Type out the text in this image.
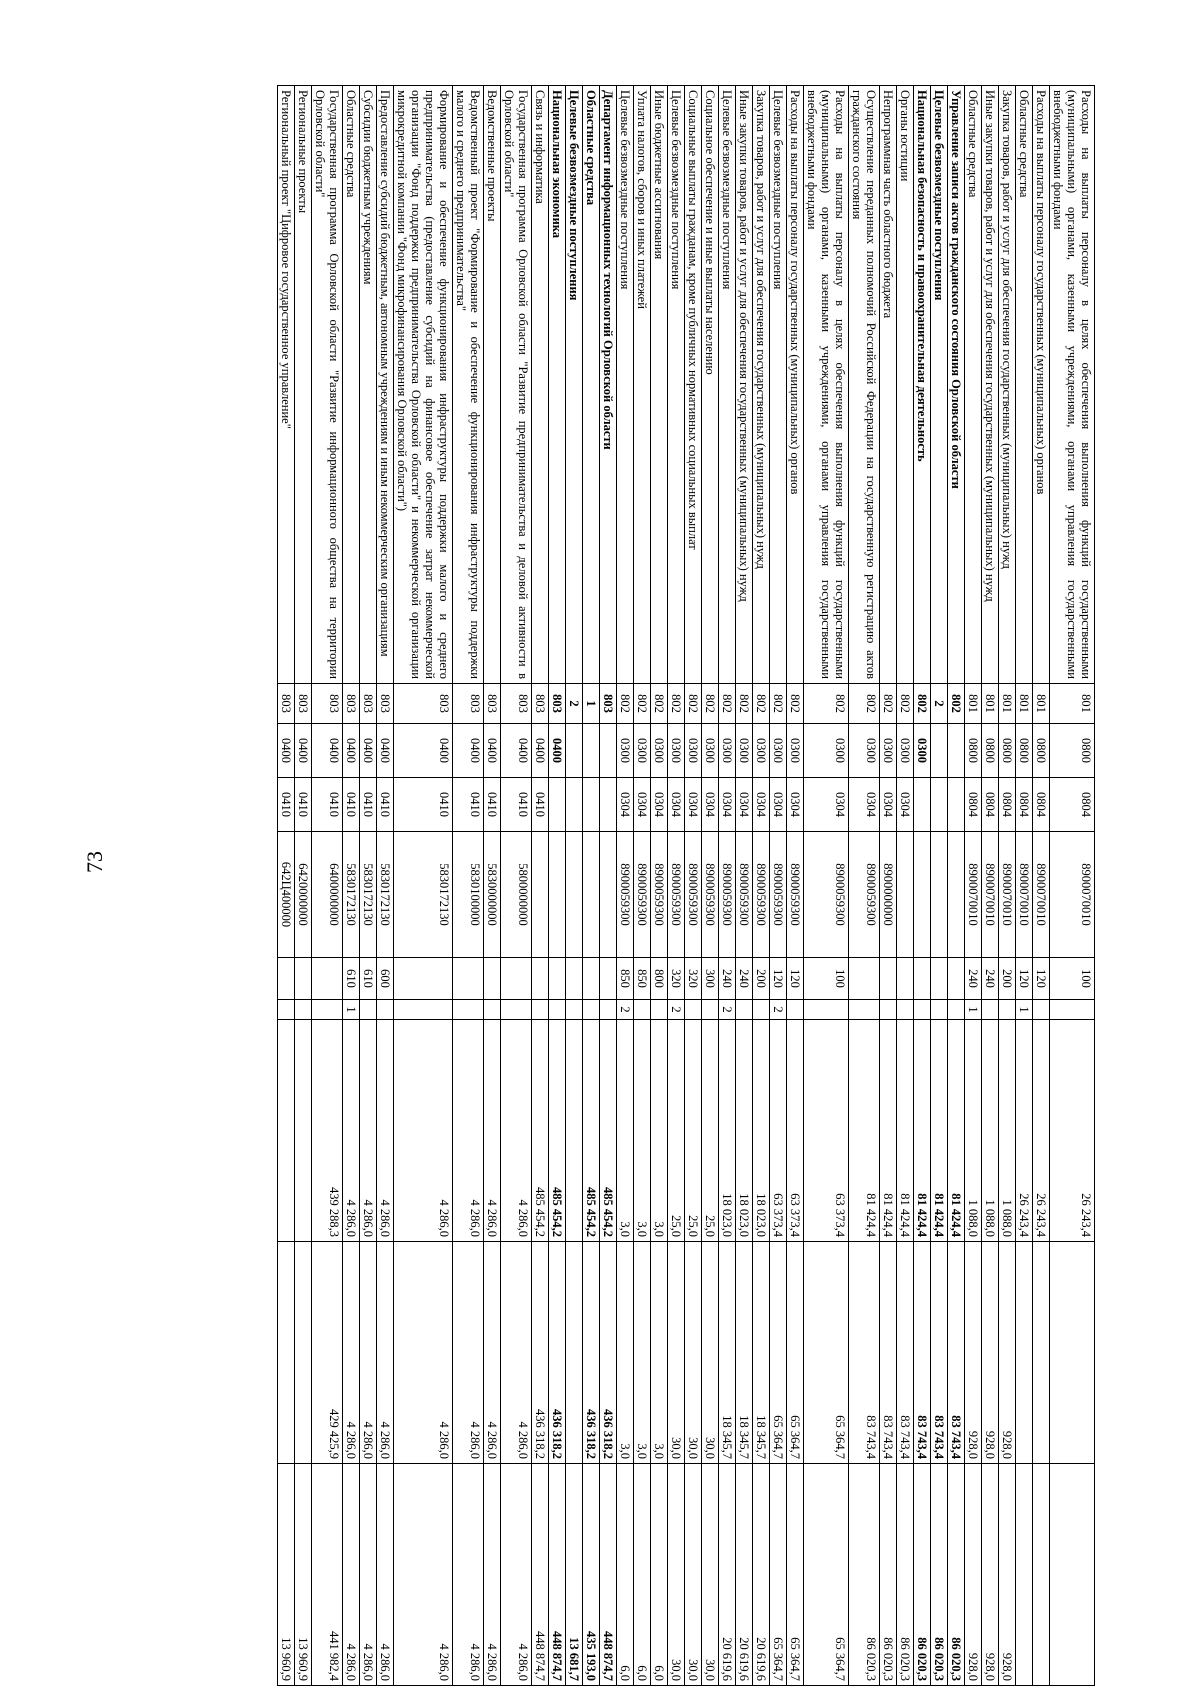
73
Расходы на выплаты персоналу в целях обеспечения выполнения функций государственными (муниципальными) органами, казенными учреждениями, органами управления государственными внебюджетными фондами	801	0800	0804	8900070010	100		26 243,4		
Расходы на выплаты персоналу государственных (муниципальных) органов	801	0800	0804	8900070010	120		26 243,4		
Областные средства	801	0800	0804	8900070010	120	1	26 243,4		
Закупка товаров, работ и услуг для обеспечения государственных (муниципальных) нужд	801	0800	0804	8900070010	200		1 088,0	928,0	928,0
Иные закупки товаров, работ и услуг для обеспечения государственных (муниципальных) нужд	801	0800	0804	8900070010	240		1 088,0	928,0	928,0
Областные средства	801	0800	0804	8900070010	240	1	1 088,0	928,0	928,0
Управление записи актов гражданского состояния Орловской области	802						81 424,4	83 743,4	86 020,3
Целевые безвозмездные поступления	2						81 424,4	83 743,4	86 020,3
Национальная безопасность и правоохранительная деятельность	802	0300					81 424,4	83 743,4	86 020,3
Органы юстиции	802	0300	0304				81 424,4	83 743,4	86 020,3
Непрограммная часть областного бюджета	802	0300	0304	8900000000			81 424,4	83 743,4	86 020,3
Осуществление переданных полномочий Российской Федерации на государственную регистрацию актов гражданского состояния	802	0300	0304	8900059300			81 424,4	83 743,4	86 020,3
Расходы на выплаты персоналу в целях обеспечения выполнения функций государственными (муниципальными) органами, казенными учреждениями, органами управления государственными внебюджетными фондами	802	0300	0304	8900059300	100		63 373,4	65 364,7	65 364,7
Расходы на выплаты персоналу государственных (муниципальных) органов	802	0300	0304	8900059300	120		63 373,4	65 364,7	65 364,7
Целевые безвозмездные поступления	802	0300	0304	8900059300	120	2	63 373,4	65 364,7	65 364,7
Закупка товаров, работ и услуг для обеспечения государственных (муниципальных) нужд	802	0300	0304	8900059300	200		18 023,0	18 345,7	20 619,6
Иные закупки товаров, работ и услуг для обеспечения государственных (муниципальных) нужд	802	0300	0304	8900059300	240		18 023,0	18 345,7	20 619,6
Целевые безвозмездные поступления	802	0300	0304	8900059300	240	2	18 023,0	18 345,7	20 619,6
Социальное обеспечение и иные выплаты населению	802	0300	0304	8900059300	300		25,0	30,0	30,0
Социальные выплаты гражданам, кроме публичных нормативных социальных выплат	802	0300	0304	8900059300	320		25,0	30,0	30,0
Целевые безвозмездные поступления	802	0300	0304	8900059300	320	2	25,0	30,0	30,0
Иные бюджетные ассигнования	802	0300	0304	8900059300	800		3,0	3,0	6,0
Уплата налогов, сборов и иных платежей	802	0300	0304	8900059300	850		3,0	3,0	6,0
Целевые безвозмездные поступления	802	0300	0304	8900059300	850	2	3,0	3,0	6,0
Департамент информационных технологий Орловской области	803						485 454,2	436 318,2	448 874,7
Областные средства	1						485 454,2	436 318,2	435 193,0
Целевые безвозмездные поступления	2								13 681,7
Национальная экономика	803	0400					485 454,2	436 318,2	448 874,7
Связь и информатика	803	0400	0410				485 454,2	436 318,2	448 874,7
Государственная программа Орловской области "Развитие предпринимательства и деловой активности в Орловской области"	803	0400	0410	5800000000			4 286,0	4 286,0	4 286,0
Ведомственные проекты	803	0400	0410	5830000000			4 286,0	4 286,0	4 286,0
Ведомственный проект "Формирование и обеспечение функционирования инфраструктуры поддержки малого и среднего предпринимательства"	803	0400	0410	5830100000			4 286,0	4 286,0	4 286,0
Формирование и обеспечение функционирования инфраструктуры поддержки малого и среднего предпринимательства (предоставление субсидий на финансовое обеспечение затрат некоммерческой организации "Фонд поддержки предпринимательства Орловской области" и некоммерческой организации микрокредитной компании "Фонд микрофинансирования Орловской области")	803	0400	0410	5830172130			4 286,0	4 286,0	4 286,0
Предоставление субсидий бюджетным, автономным учреждениям и иным некоммерческим организациям	803	0400	0410	5830172130	600		4 286,0	4 286,0	4 286,0
Субсидии бюджетным учреждениям	803	0400	0410	5830172130	610		4 286,0	4 286,0	4 286,0
Областные средства	803	0400	0410	5830172130	610	1	4 286,0	4 286,0	4 286,0
Государственная программа Орловской области "Развитие информационного общества на территории Орловской области"	803	0400	0410	6400000000			439 288,3	429 425,9	441 982,4
Региональные проекты	803	0400	0410	6420000000					13 960,9
Региональный проект "Цифровое государственное управление"	803	0400	0410	642Ц400000					13 960,9
